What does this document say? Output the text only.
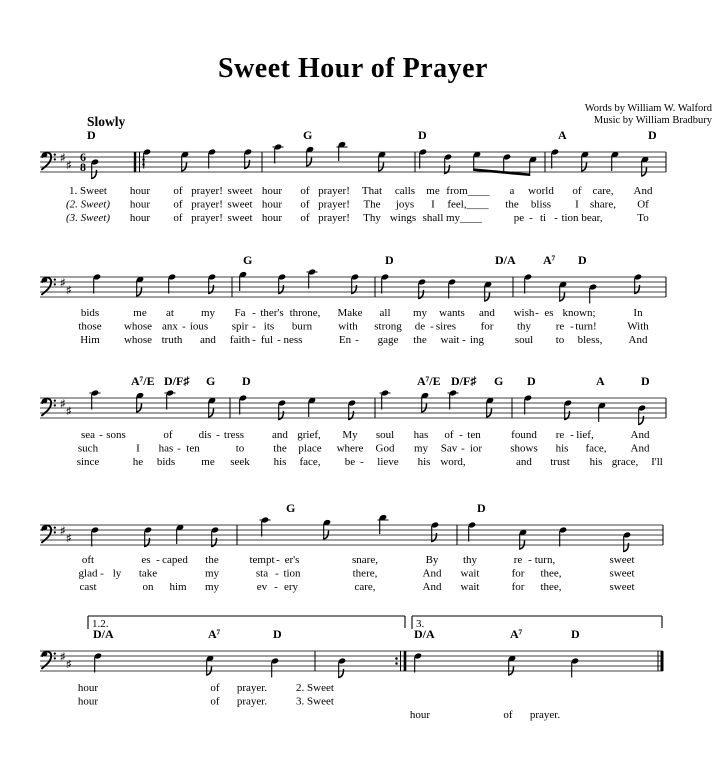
Sweet Hour of Prayer
Words by William W. Walford
Music by William Bradbury
Slowly
♯
♯
6
8
D	G	D	A	D
1. Sweet hour of prayer! sweet hour of prayer! That calls me from____ a world of care, And
(2. Sweet) hour of prayer! sweet hour of prayer! The joys I feel,____ the bliss I share, Of
(3. Sweet) hour of prayer! sweet hour of prayer! Thy wings shall my____	pe - ti - tion bear,	To
♯
♯
G	D	D/A A⁷ D
bids	me at my Fa - ther's throne, Make all my wants and wish - es known;	In
those whose anx - ious spir - its burn with strong de - sires for thy re - turn!	With
Him whose truth and faith - ful - ness	En - gage the wait - ing	soul to bless, And
♯
♯
A⁷/E D/F♯ G D	A⁷/E D/F♯ G D	A	D
sea - sons	of dis - tress	and grief, My soul has of - ten	found re - lief,	And
such	I has - ten	to	the place where God my Sav - ior	shows his face, And
since	he bids me seek his face, be - lieve his word,	and trust his grace, I'll
♯
♯
G	D
oft	es - caped the	tempt - er's	snare,	By thy	re - turn,	sweet
glad - ly take	my	sta - tion	there,	And wait	for thee,	sweet
cast	on him my	ev - ery	care,	And wait	for thee,	sweet
1.2.	3.
♯
♯
D/A	A⁷	D	D/A	A⁷	D
hour	of prayer.	2. Sweet
hour	of prayer.	3. Sweet
hour	of prayer.
